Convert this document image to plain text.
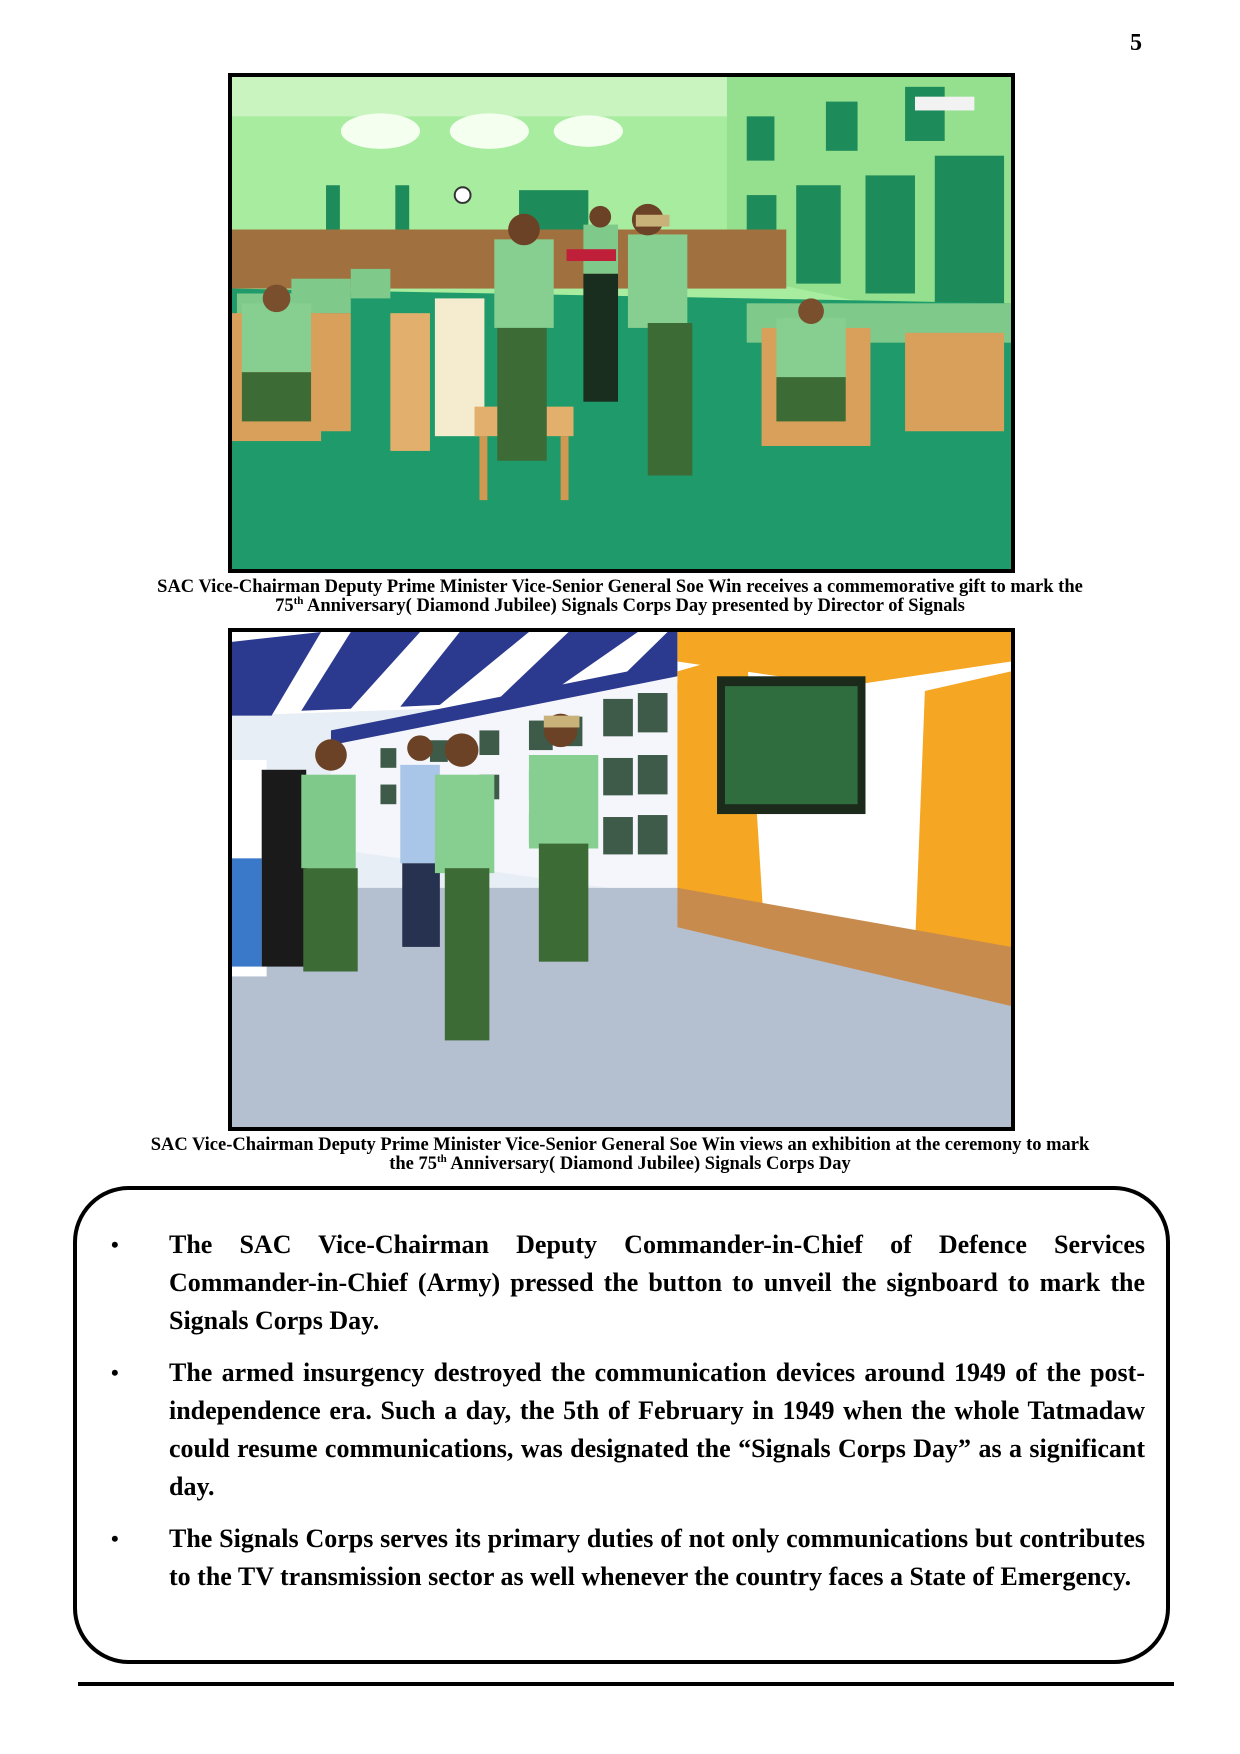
5
SAC Vice-Chairman Deputy Prime Minister Vice-Senior General Soe Win receives a commemorative gift to mark the
75th Anniversary( Diamond Jubilee) Signals Corps Day presented by Director of Signals
SAC Vice-Chairman Deputy Prime Minister Vice-Senior General Soe Win views an exhibition at the ceremony to mark
the 75th Anniversary( Diamond Jubilee) Signals Corps Day
• The SAC Vice-Chairman Deputy Commander-in-Chief of Defence Services Commander-in-Chief (Army) pressed the button to unveil the signboard to mark the Signals Corps Day.
• The armed insurgency destroyed the communication devices around 1949 of the post-independence era. Such a day, the 5th of February in 1949 when the whole Tatmadaw could resume communications, was designated the “Signals Corps Day” as a significant day.
• The Signals Corps serves its primary duties of not only communications but contributes to the TV transmission sector as well whenever the country faces a State of Emergency.
